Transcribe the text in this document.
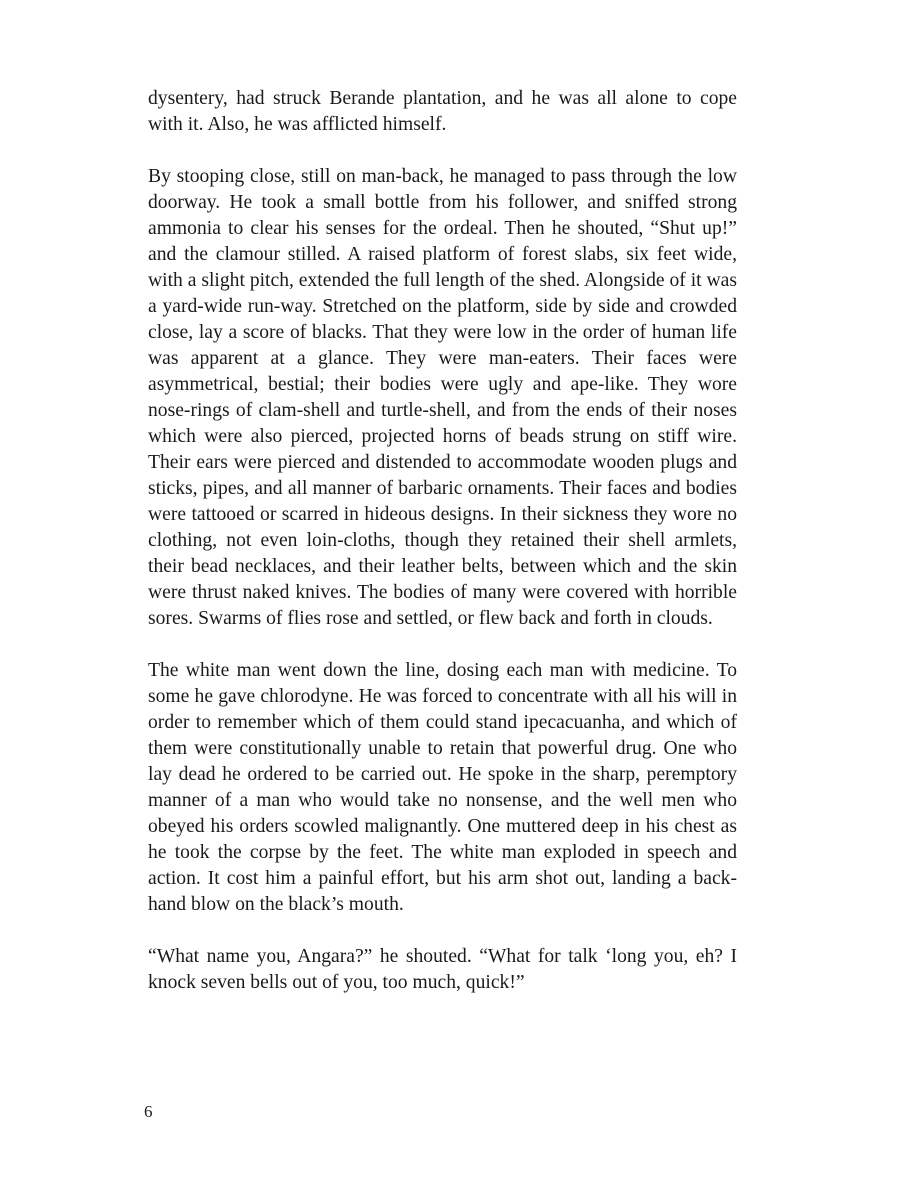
dysentery, had struck Berande plantation, and he was all alone to cope with it. Also, he was afflicted himself.

By stooping close, still on man-back, he managed to pass through the low doorway. He took a small bottle from his follower, and sniffed strong ammonia to clear his senses for the ordeal. Then he shouted, “Shut up!” and the clamour stilled. A raised platform of forest slabs, six feet wide, with a slight pitch, extended the full length of the shed. Alongside of it was a yard-wide run-way. Stretched on the platform, side by side and crowded close, lay a score of blacks. That they were low in the order of human life was apparent at a glance. They were man-eaters. Their faces were asymmetrical, bestial; their bodies were ugly and ape-like. They wore nose-rings of clam-shell and turtle-shell, and from the ends of their noses which were also pierced, projected horns of beads strung on stiff wire. Their ears were pierced and distended to accommodate wooden plugs and sticks, pipes, and all manner of barbaric ornaments. Their faces and bodies were tattooed or scarred in hideous designs. In their sickness they wore no clothing, not even loin-cloths, though they retained their shell armlets, their bead necklaces, and their leather belts, between which and the skin were thrust naked knives. The bodies of many were covered with horrible sores. Swarms of flies rose and settled, or flew back and forth in clouds.

The white man went down the line, dosing each man with medicine. To some he gave chlorodyne. He was forced to concentrate with all his will in order to remember which of them could stand ipecacuanha, and which of them were constitutionally unable to retain that powerful drug. One who lay dead he ordered to be carried out. He spoke in the sharp, peremptory manner of a man who would take no nonsense, and the well men who obeyed his orders scowled malignantly. One muttered deep in his chest as he took the corpse by the feet. The white man exploded in speech and action. It cost him a painful effort, but his arm shot out, landing a back-hand blow on the black’s mouth.

“What name you, Angara?” he shouted. “What for talk ‘long you, eh? I knock seven bells out of you, too much, quick!”

6
